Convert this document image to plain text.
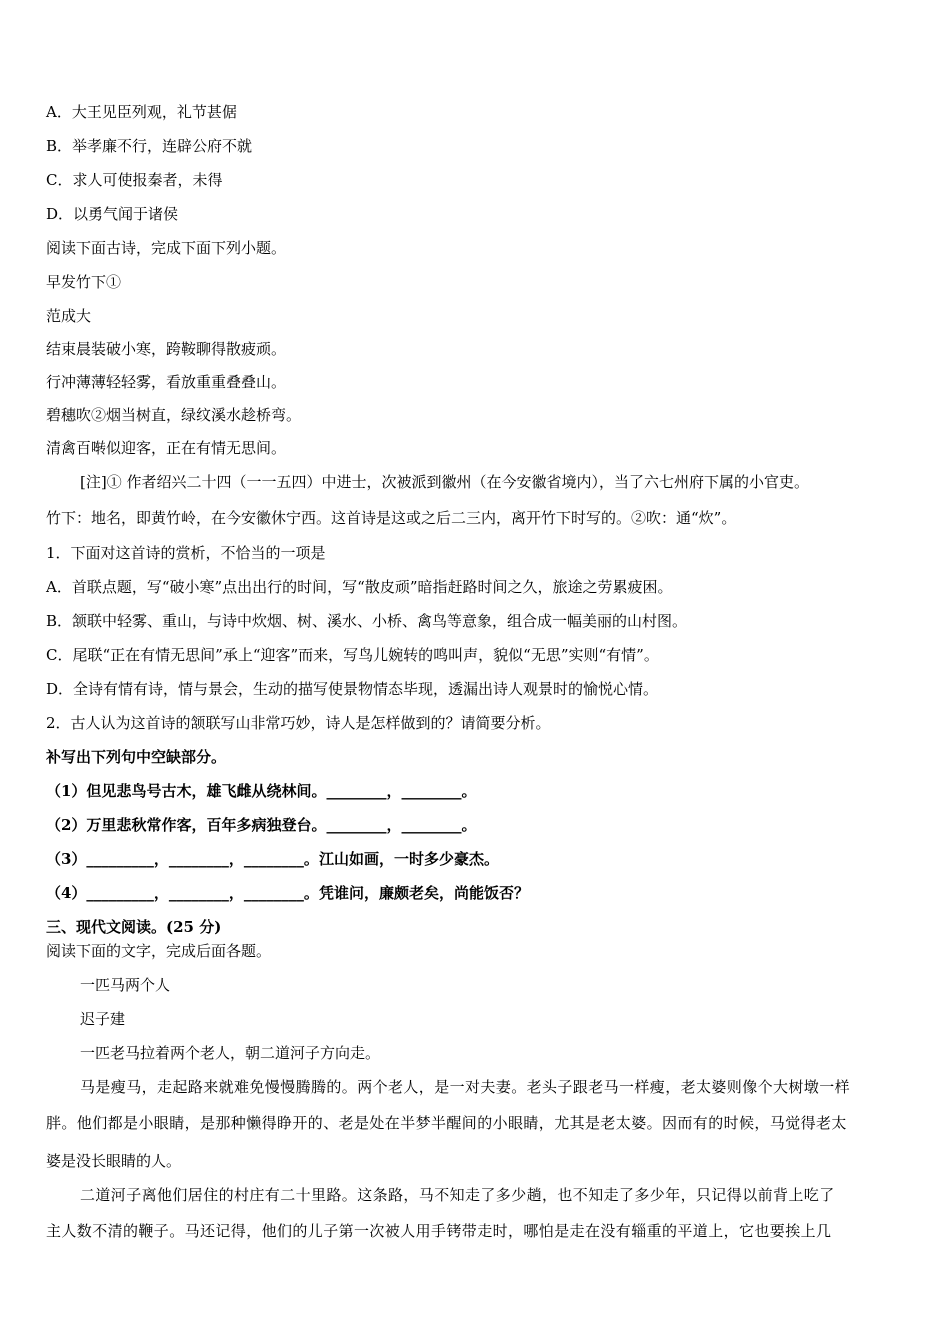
A．大王见臣列观，礼节甚倨
B．举孝廉不行，连辟公府不就
C．求人可使报秦者，未得
D．以勇气闻于诸侯
阅读下面古诗，完成下面下列小题。
早发竹下①
范成大
结束晨装破小寒，跨鞍聊得散疲顽。
行冲薄薄轻轻雾，看放重重叠叠山。
碧穗吹②烟当树直，绿纹溪水趁桥弯。
清禽百啭似迎客，正在有情无思间。
[注]① 作者绍兴二十四（一一五四）中进士，次被派到徽州（在今安徽省境内），当了六七州府下属的小官吏。
竹下：地名，即黄竹岭，在今安徽休宁西。这首诗是这或之后二三内，离开竹下时写的。②吹：通“炊”。
1．下面对这首诗的赏析，不恰当的一项是
A．首联点题，写“破小寒”点出出行的时间，写“散皮顽”暗指赶路时间之久，旅途之劳累疲困。
B．颔联中轻雾、重山，与诗中炊烟、树、溪水、小桥、禽鸟等意象，组合成一幅美丽的山村图。
C．尾联“正在有情无思间”承上“迎客”而来，写鸟儿婉转的鸣叫声，貌似“无思”实则“有情”。
D．全诗有情有诗，情与景会，生动的描写使景物情态毕现，透漏出诗人观景时的愉悦心情。
2．古人认为这首诗的颔联写山非常巧妙，诗人是怎样做到的？请简要分析。
补写出下列句中空缺部分。
（1）但见悲鸟号古木，雄飞雌从绕林间。________，________。
（2）万里悲秋常作客，百年多病独登台。________，________。
（3）_________，________，________。江山如画，一时多少豪杰。
（4）_________，________，________。凭谁问，廉颇老矣，尚能饭否？
三、现代文阅读。(25 分)
阅读下面的文字，完成后面各题。
一匹马两个人
迟子建
一匹老马拉着两个老人，朝二道河子方向走。
马是瘦马，走起路来就难免慢慢腾腾的。两个老人，是一对夫妻。老头子跟老马一样瘦，老太婆则像个大树墩一样
胖。他们都是小眼睛，是那种懒得睁开的、老是处在半梦半醒间的小眼睛，尤其是老太婆。因而有的时候，马觉得老太
婆是没长眼睛的人。
二道河子离他们居住的村庄有二十里路。这条路，马不知走了多少趟，也不知走了多少年，只记得以前背上吃了
主人数不清的鞭子。马还记得，他们的儿子第一次被人用手铐带走时，哪怕是走在没有辎重的平道上，它也要挨上几
